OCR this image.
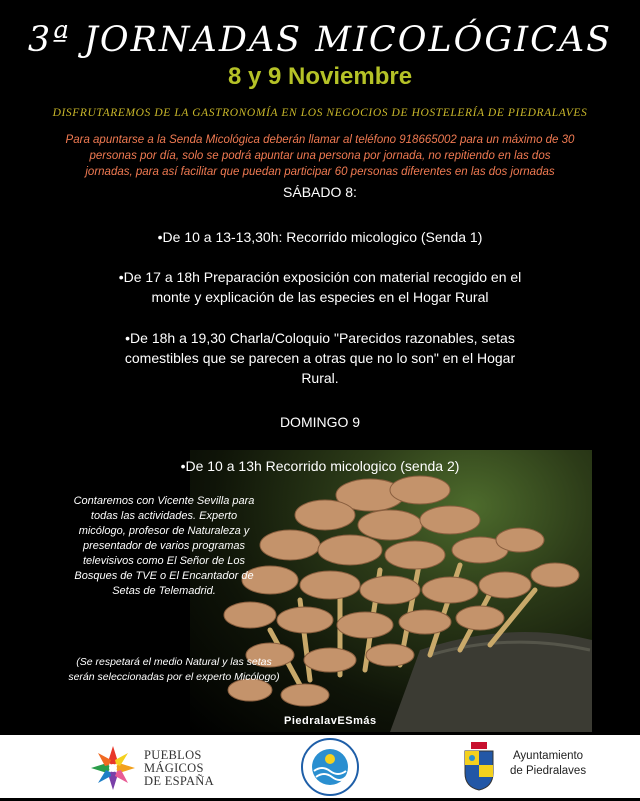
3ª JORNADAS MICOLÓGICAS
8 y 9 Noviembre
DISFRUTAREMOS DE LA GASTRONOMÍA EN LOS NEGOCIOS DE HOSTELERÍA DE PIEDRALAVES
Para apuntarse a la Senda Micológica deberán llamar al teléfono 918665002 para un máximo de 30
personas por día, solo se podrá apuntar una persona por jornada, no repitiendo en las dos
jornadas, para así facilitar que puedan participar 60 personas diferentes en las dos jornadas
SÁBADO 8:
•De 10 a 13-13,30h: Recorrido micologico (Senda 1)
•De 17 a 18h Preparación exposición con material recogido en el
monte y explicación de las especies en el Hogar Rural
•De 18h a 19,30 Charla/Coloquio "Parecidos razonables, setas
comestibles que se parecen a otras que no lo son" en el Hogar
Rural.
DOMINGO 9
•De 10 a 13h Recorrido micologico (senda 2)
Contaremos con Vicente Sevilla para
todas las actividades. Experto
micólogo, profesor de Naturaleza y
presentador de varios programas
televisivos como El Señor de Los
Bosques de TVE o El Encantador de
Setas de Telemadrid.
(Se respetará el medio Natural y las setas
serán seleccionadas por el experto Micólogo)
PiedralavESmás
PUEBLOS
MÁGICOS
DE ESPAÑA
Ayuntamiento
de Piedralaves
